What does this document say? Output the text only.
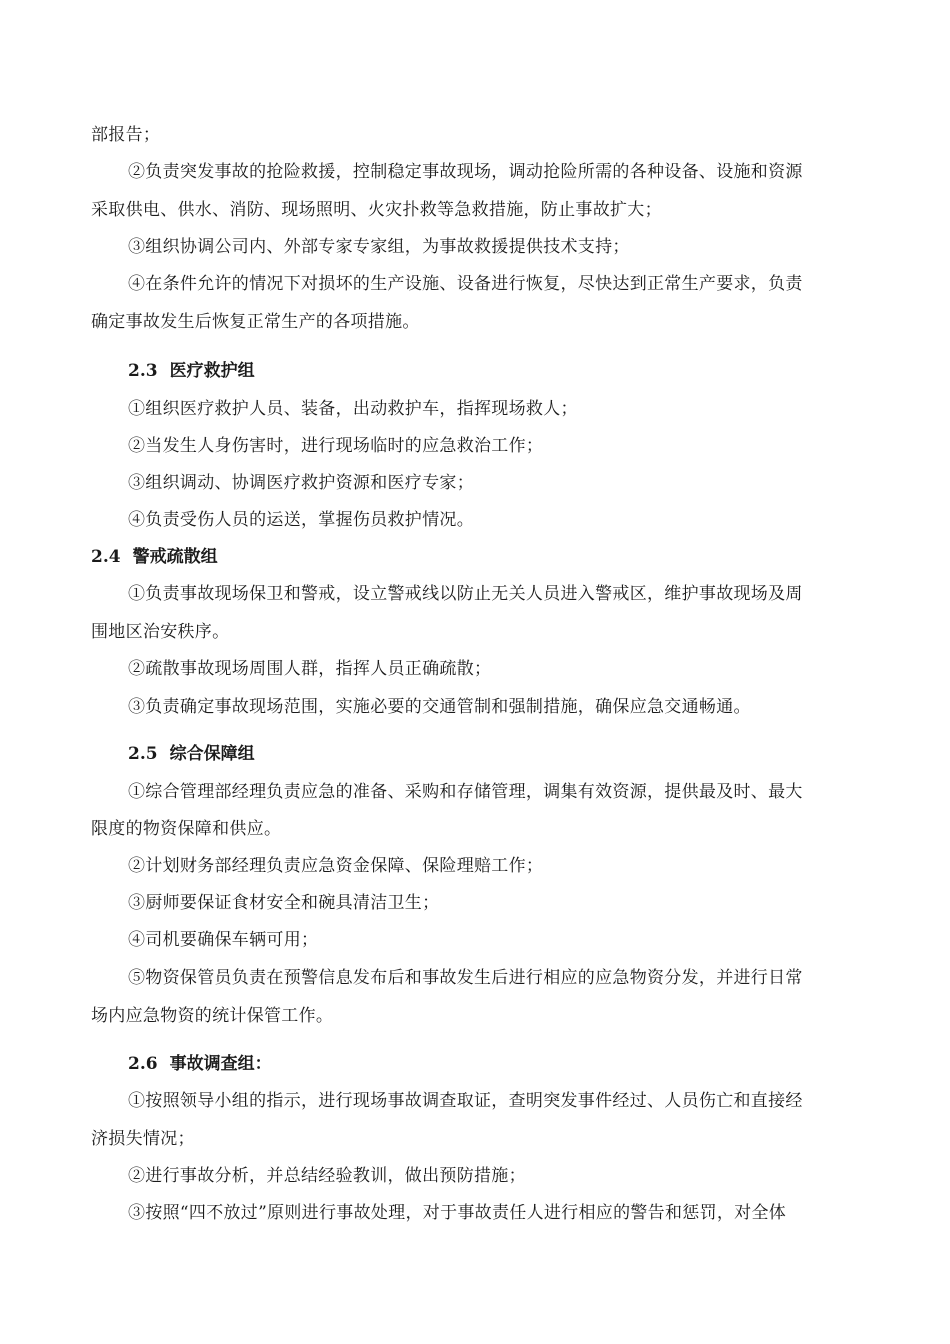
部报告；
②负责突发事故的抢险救援，控制稳定事故现场，调动抢险所需的各种设备、设施和资源
采取供电、供水、消防、现场照明、火灾扑救等急救措施，防止事故扩大；
③组织协调公司内、外部专家专家组，为事故救援提供技术支持；
④在条件允许的情况下对损坏的生产设施、设备进行恢复，尽快达到正常生产要求，负责
确定事故发生后恢复正常生产的各项措施。
2.3 医疗救护组
①组织医疗救护人员、装备，出动救护车，指挥现场救人；
②当发生人身伤害时，进行现场临时的应急救治工作；
③组织调动、协调医疗救护资源和医疗专家；
④负责受伤人员的运送，掌握伤员救护情况。
2.4 警戒疏散组
①负责事故现场保卫和警戒，设立警戒线以防止无关人员进入警戒区，维护事故现场及周
围地区治安秩序。
②疏散事故现场周围人群，指挥人员正确疏散；
③负责确定事故现场范围，实施必要的交通管制和强制措施，确保应急交通畅通。
2.5 综合保障组
①综合管理部经理负责应急的准备、采购和存储管理，调集有效资源，提供最及时、最大
限度的物资保障和供应。
②计划财务部经理负责应急资金保障、保险理赔工作；
③厨师要保证食材安全和碗具清洁卫生；
④司机要确保车辆可用；
⑤物资保管员负责在预警信息发布后和事故发生后进行相应的应急物资分发，并进行日常
场内应急物资的统计保管工作。
2.6 事故调查组：
①按照领导小组的指示，进行现场事故调查取证，查明突发事件经过、人员伤亡和直接经
济损失情况；
②进行事故分析，并总结经验教训，做出预防措施；
③按照“四不放过”原则进行事故处理，对于事故责任人进行相应的警告和惩罚，对全体
